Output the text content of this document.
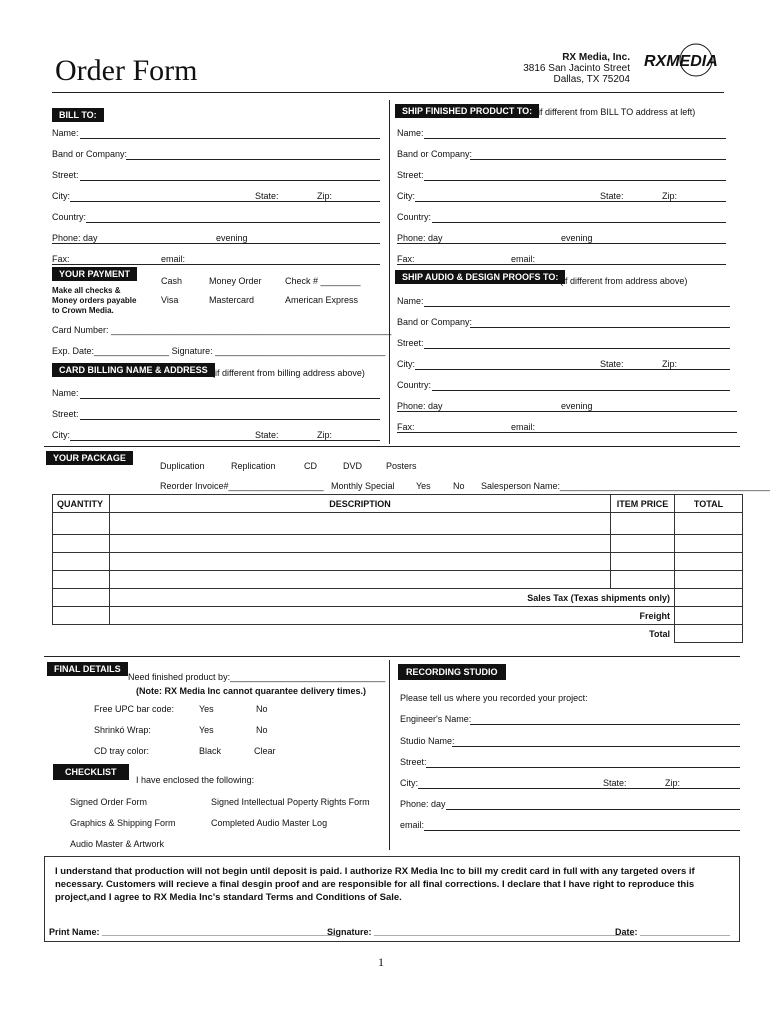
Order Form	RX Media, Inc.
3816 San Jacinto Street
Dallas, TX 75204
RXMEDIA
BILL TO:
Name:
Band or Company:
Street:
City:	State:	Zip:
Country:
Phone: day	evening
Fax:	email:
YOUR PAYMENT
Make all checks &
Money orders payable
to Crown Media.
Cash	Money Order	Check # ________
Visa	Mastercard	American Express
Card Number: ________________________________________________________
Exp. Date:_______________ Signature: __________________________________
CARD BILLING NAME & ADDRESS (if different from billing address above)
Name:
Street:
City:	State:	Zip:
SHIP FINISHED PRODUCT TO: (if different from BILL TO address at left)
Name:
Band or Company:
Street:
City:	State:	Zip:
Country:
Phone: day	evening
Fax:	email:
SHIP AUDIO & DESIGN PROOFS TO: (if different from address above)
Name:
Band or Company:
Street:
City:	State:	Zip:
Country:
Phone: day	evening
Fax:	email:
YOUR PACKAGE
Duplication	Replication	CD	DVD	Posters
Reorder Invoice#___________________ Monthly Special Yes No Salesperson Name:__________________________________________
QUANTITY	DESCRIPTION	ITEM PRICE	TOTAL

	Sales Tax (Texas shipments only)		
	Freight		
	Total		
FINAL DETAILS
Need finished product by:_______________________________
(Note: RX Media Inc cannot quarantee delivery times.)
Free UPC bar code:	Yes	No
Shrinkó Wrap:	Yes	No
CD tray color:	Black	Clear
CHECKLIST
I have enclosed the following:
Signed Order Form	Signed Intellectual Poperty Rights Form
Graphics & Shipping Form	Completed Audio Master Log
Audio Master & Artwork
RECORDING STUDIO
Please tell us where you recorded your project:
Engineer's Name:
Studio Name:
Street:
City:	State:	Zip:
Phone: day
email:
I understand that production will not begin until deposit is paid. I authorize RX Media Inc to bill my credit card in full with any targeted overs if necessary. Customers will recieve a final desgin proof and are responsible for all final corrections. I declare that I have right to reproduce this project,and I agree to RX Media Inc's standard Terms and Conditions of Sale.
Print Name: _______________________________________________
Signature: ____________________________________________________
Date: __________________
1
